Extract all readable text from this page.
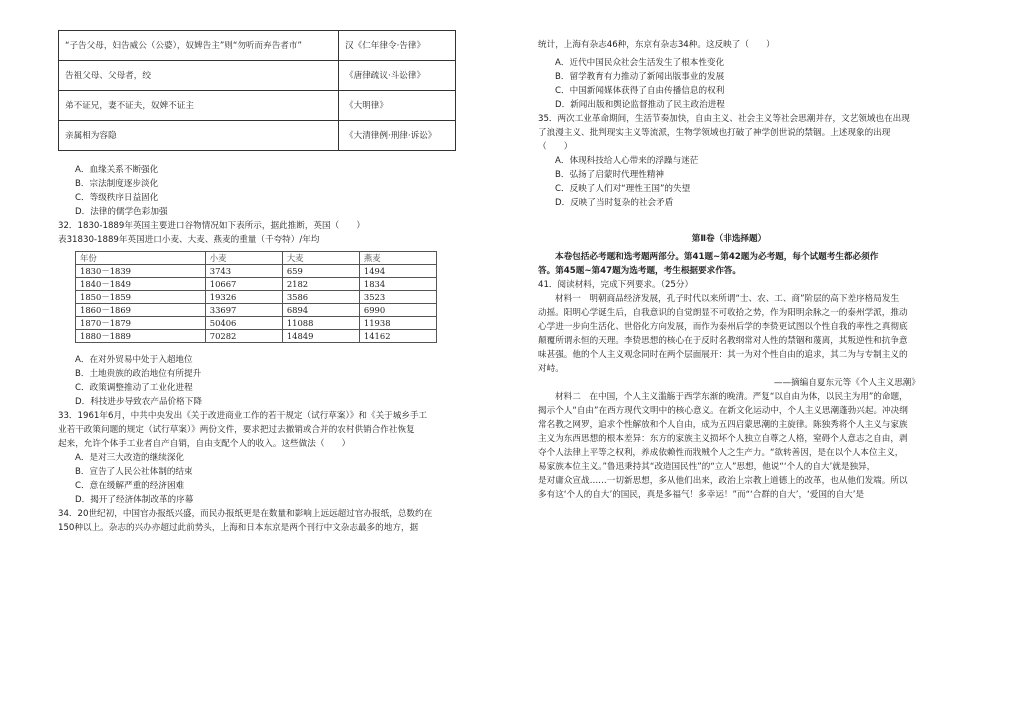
“子告父母，妇告威公（公婆），奴婢告主”则“勿听而弃告者市”	汉《仁年律令·告律》
告祖父母、父母者，绞	《唐律疏议·斗讼律》
弟不证兄，妻不证夫，奴婢不证主	《大明律》
亲属相为容隐	《大清律例·刑律·诉讼》

A．血缘关系不断强化

B．宗法制度逐步淡化

C．等级秩序日益固化

D．法律的儒学色彩加强

32．1830-1889年英国主要进口谷物情况如下表所示，据此推断，英国（　　）

表31830-1889年英国进口小麦、大麦、燕麦的重量（千夸特）/年均

年份	小麦	大麦	燕麦
1830－1839	3743	659	1494
1840－1849	10667	2182	1834
1850－1859	19326	3586	3523
1860－1869	33697	6894	6990
1870－1879	50406	11088	11938
1880－1889	70282	14849	14162

A．在对外贸易中处于入超地位

B．土地贵族的政治地位有所提升

C．政策调整推动了工业化进程

D．科技进步导致农产品价格下降

33．1961年6月，中共中央发出《关于改进商业工作的若干规定（试行草案）》和《关于城乡手工

业若干政策问题的规定（试行草案）》两份文件，要求把过去撤销或合并的农村供销合作社恢复

起来，允许个体手工业者自产自销，自由支配个人的收入。这些做法（　　）

A．是对三大改造的继续深化

B．宣告了人民公社体制的结束

C．意在缓解严重的经济困难

D．揭开了经济体制改革的序幕

34．20世纪初，中国官办报纸兴盛，而民办报纸更是在数量和影响上远远超过官办报纸，总数约在

150种以上。杂志的兴办亦超过此前势头，上海和日本东京是两个刊行中文杂志最多的地方，据

统计，上海有杂志46种，东京有杂志34种。这反映了（　　）

A．近代中国民众社会生活发生了根本性变化

B．留学教育有力推动了新闻出版事业的发展

C．中国新闻媒体获得了自由传播信息的权利

D．新闻出版和舆论监督推动了民主政治进程

35．两次工业革命期间，生活节奏加快，自由主义、社会主义等社会思潮并存，文艺领域也在出现

了浪漫主义、批判现实主义等流派，生物学领域也打破了神学创世说的禁锢。上述现象的出现

（　　）

A．体现科技给人心带来的浮躁与迷茫

B．弘扬了启蒙时代理性精神

C．反映了人们对“理性王国”的失望

D．反映了当时复杂的社会矛盾

第Ⅱ卷（非选择题）

本卷包括必考题和选考题两部分。第41题~第42题为必考题，每个试题考生都必须作

答。第45题~第47题为选考题，考生根据要求作答。

41．阅读材料，完成下列要求。（25分）

材料一　明朝商品经济发展，孔子时代以来所谓“士、农、工、商”阶层的高下差序格局发生

动摇。阳明心学诞生后，自我意识的自觉朗显不可收拾之势，作为阳明余脉之一的泰州学派，推动

心学进一步向生活化、世俗化方向发展，而作为泰州后学的李贽更试图以个性自我的率性之真彻底

颠覆所谓永恒的天理。李贽思想的核心在于反时名教纲常对人性的禁锢和蔑离，其叛逆性和抗争意

味甚强。他的个人主义观念同时在两个层面展开：其一为对个性自由的追求，其二为与专制主义的

对峙。

——摘编自夏东元等《个人主义思潮》

材料二　在中国，个人主义滥觞于西学东渐的晚清。严复“以自由为体，以民主为用”的命题，

揭示个人“自由”在西方现代文明中的核心意义。在新文化运动中，个人主义思潮蓬勃兴起。冲决纲

常名教之网罗，追求个性解放和个人自由，成为五四启蒙思潮的主旋律。陈独秀将个人主义与家族

主义为东西思想的根本差异：东方的家族主义损坏个人独立自尊之人格，窒碍个人意志之自由，剥

夺个人法律上平等之权利，养成依赖性而戕贼个人之生产力。“欲转善因，是在以个人本位主义，

易家族本位主义。”鲁迅秉持其“改造国民性”的“立人”思想，他说“‘个人的自大’就是独异，

是对庸众宣战……一切新思想，多从他们出来，政治上宗教上道德上的改革，也从他们发端。所以

多有这‘个人的自大’的国民，真是多福气！多幸运！”而“‘合群的自大’，‘爱国的自大’是
